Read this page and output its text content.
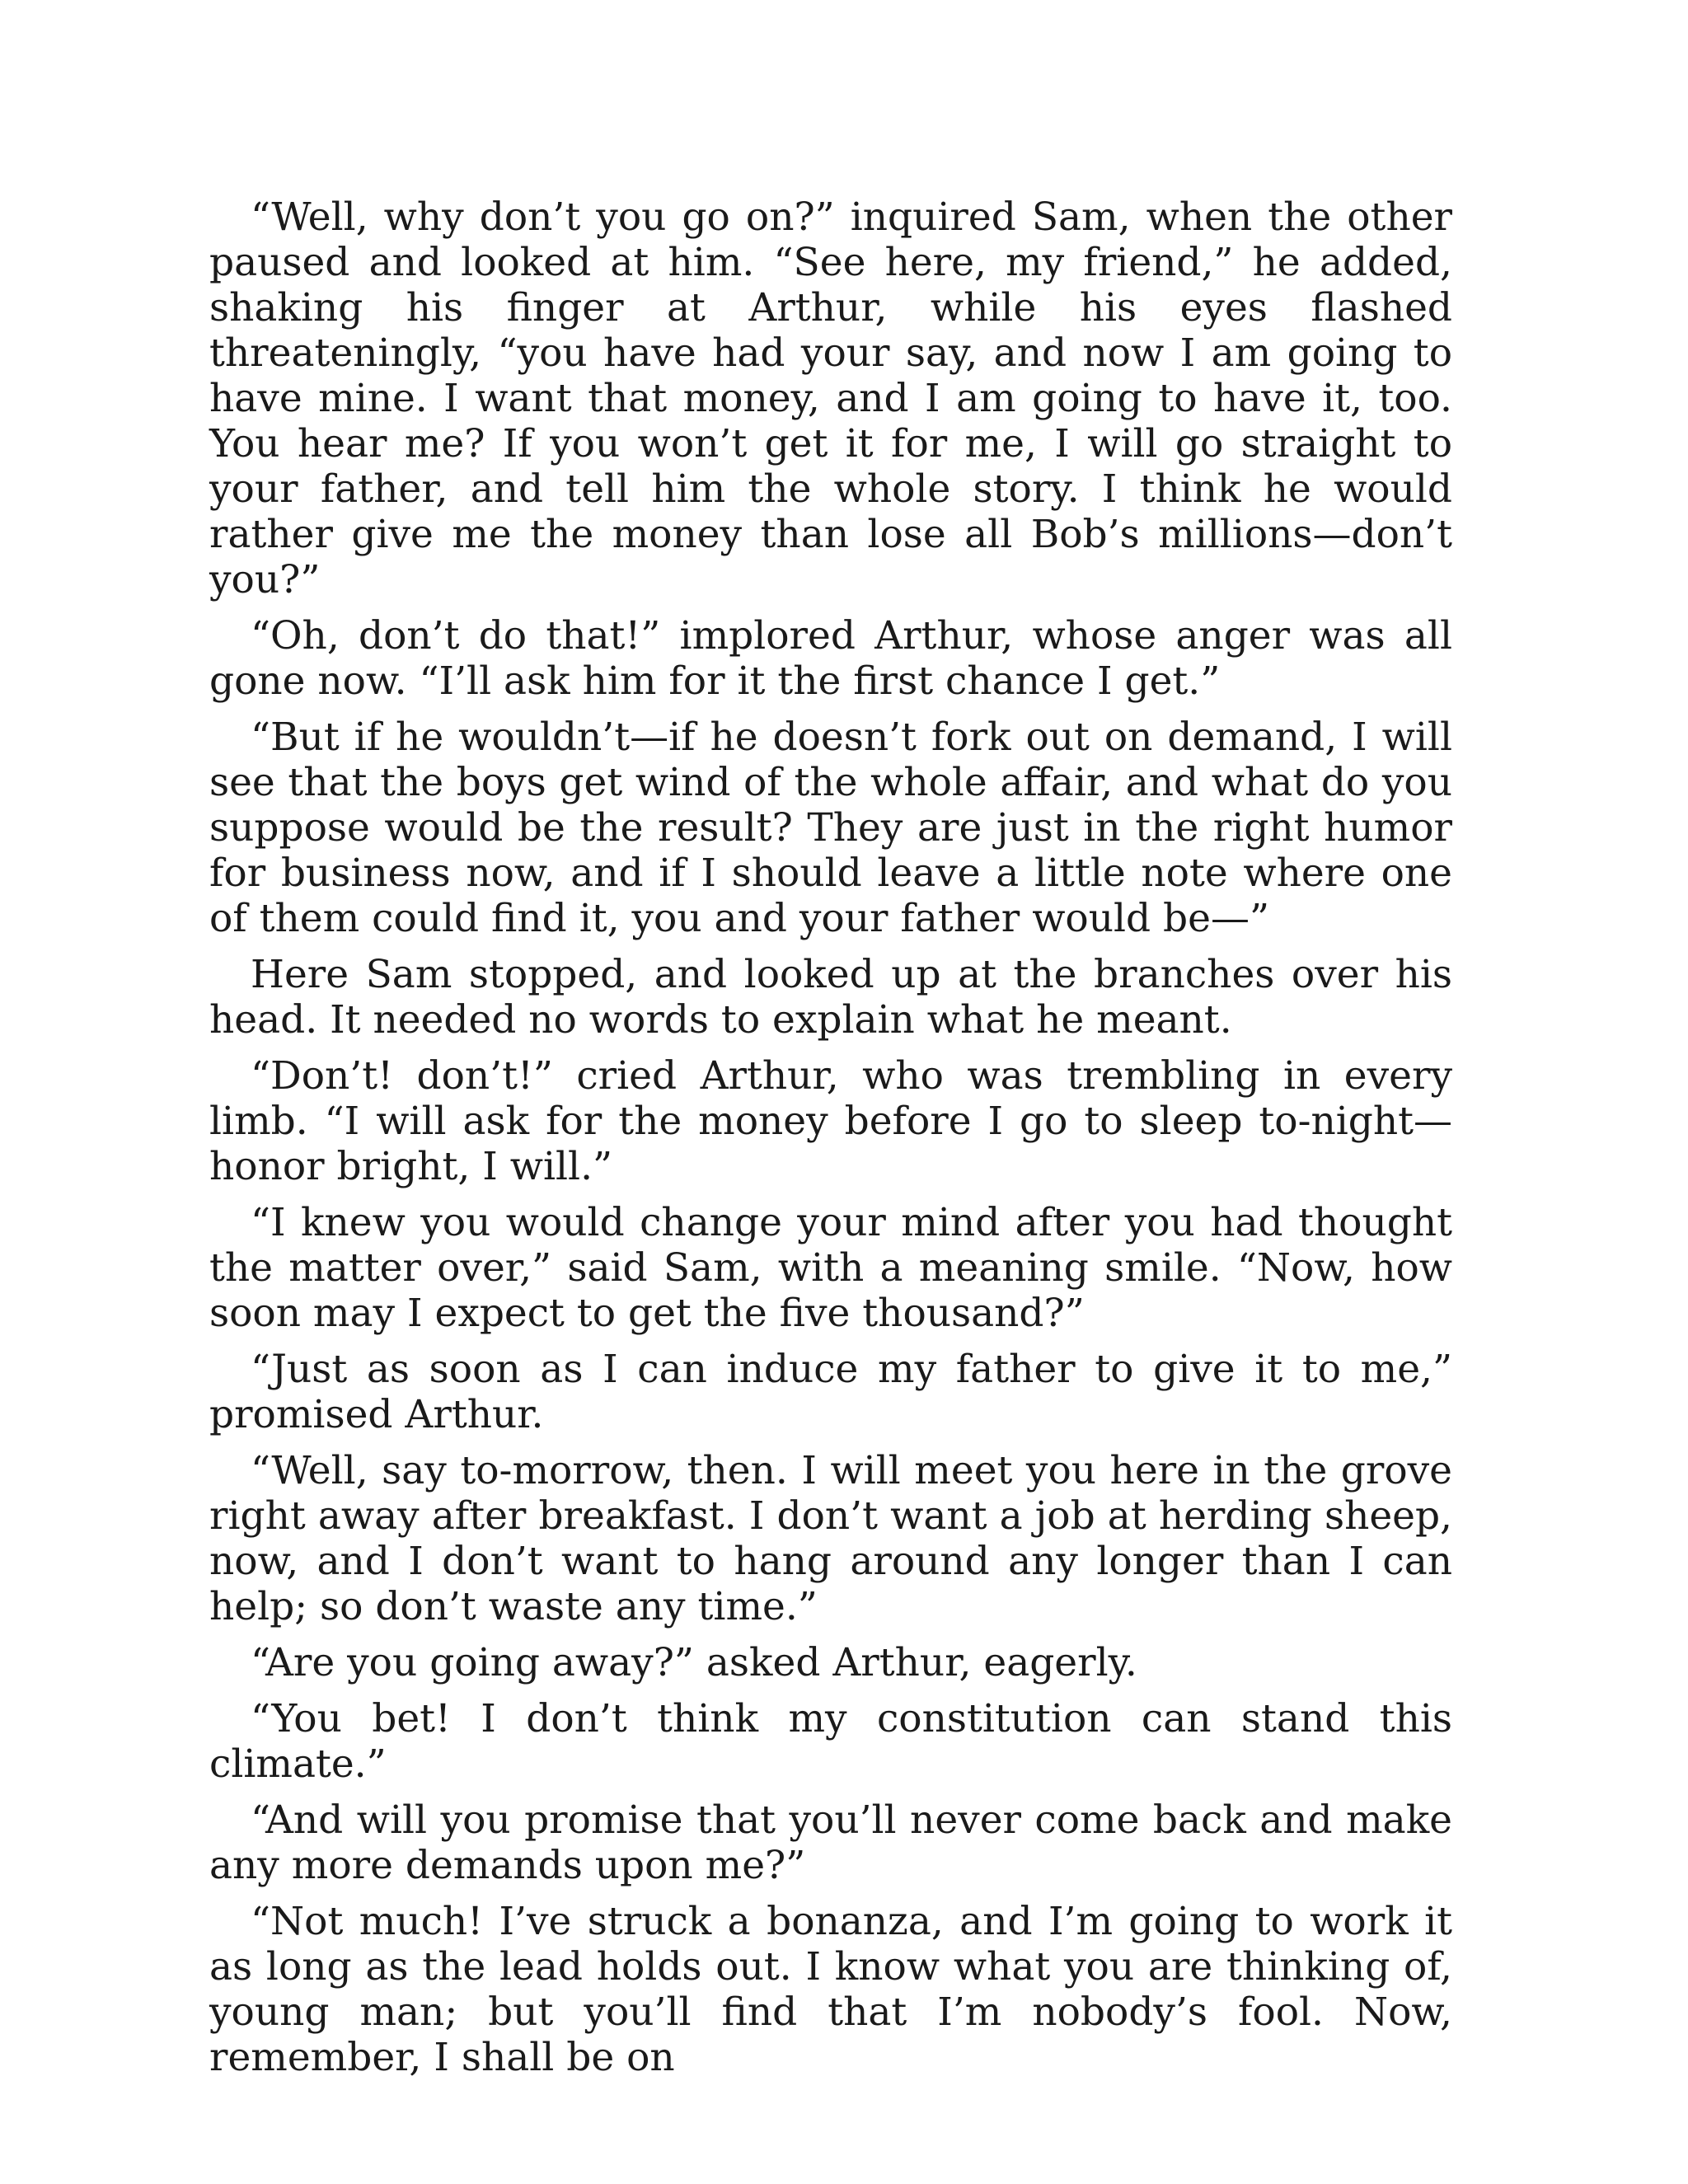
“Well, why don’t you go on?” inquired Sam, when the other paused and looked at him. “See here, my friend,” he added, shaking his finger at Arthur, while his eyes flashed threateningly, “you have had your say, and now I am going to have mine. I want that money, and I am going to have it, too. You hear me? If you won’t get it for me, I will go straight to your father, and tell him the whole story. I think he would rather give me the money than lose all Bob’s millions—don’t you?”

“Oh, don’t do that!” implored Arthur, whose anger was all gone now. “I’ll ask him for it the first chance I get.”

“But if he wouldn’t—if he doesn’t fork out on demand, I will see that the boys get wind of the whole affair, and what do you suppose would be the result? They are just in the right humor for business now, and if I should leave a little note where one of them could find it, you and your father would be—”

Here Sam stopped, and looked up at the branches over his head. It needed no words to explain what he meant.

“Don’t! don’t!” cried Arthur, who was trembling in every limb. “I will ask for the money before I go to sleep to-night—honor bright, I will.”

“I knew you would change your mind after you had thought the matter over,” said Sam, with a meaning smile. “Now, how soon may I expect to get the five thousand?”

“Just as soon as I can induce my father to give it to me,” promised Arthur.

“Well, say to-morrow, then. I will meet you here in the grove right away after breakfast. I don’t want a job at herding sheep, now, and I don’t want to hang around any longer than I can help; so don’t waste any time.”

“Are you going away?” asked Arthur, eagerly.

“You bet! I don’t think my constitution can stand this climate.”

“And will you promise that you’ll never come back and make any more demands upon me?”

“Not much! I’ve struck a bonanza, and I’m going to work it as long as the lead holds out. I know what you are thinking of, young man; but you’ll find that I’m nobody’s fool. Now, remember, I shall be on
